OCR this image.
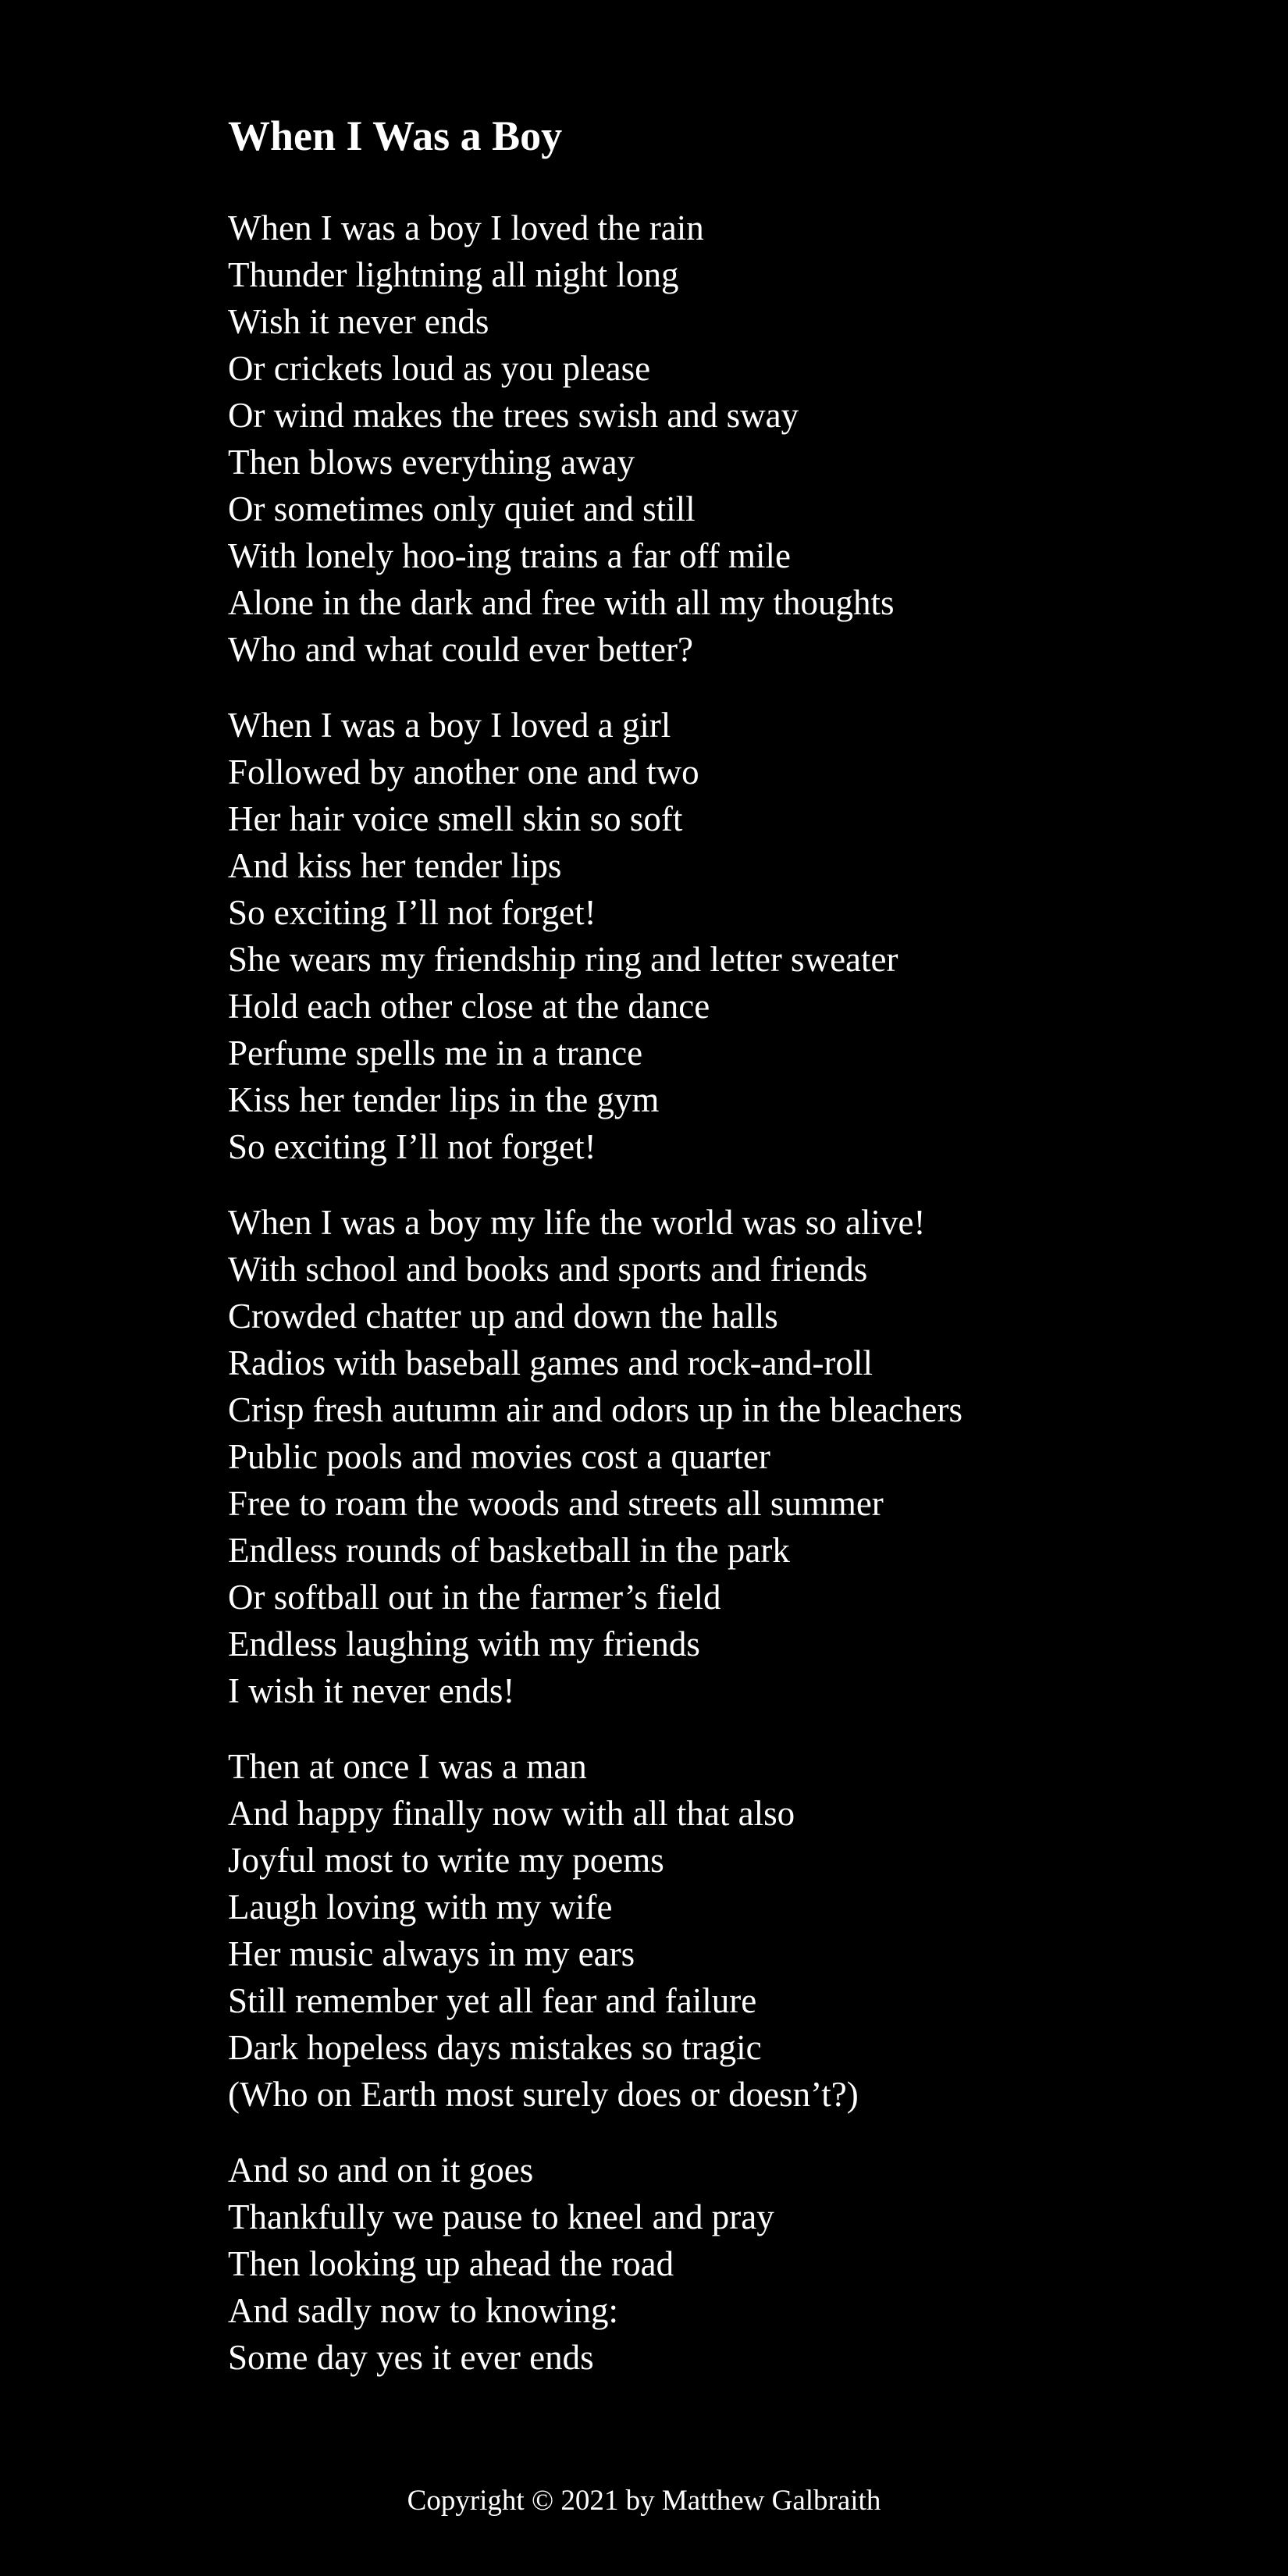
When I Was a Boy
When I was a boy I loved the rain
Thunder lightning all night long
Wish it never ends
Or crickets loud as you please
Or wind makes the trees swish and sway
Then blows everything away
Or sometimes only quiet and still
With lonely hoo-ing trains a far off mile
Alone in the dark and free with all my thoughts
Who and what could ever better?
When I was a boy I loved a girl
Followed by another one and two
Her hair voice smell skin so soft
And kiss her tender lips
So exciting I’ll not forget!
She wears my friendship ring and letter sweater
Hold each other close at the dance
Perfume spells me in a trance
Kiss her tender lips in the gym
So exciting I’ll not forget!
When I was a boy my life the world was so alive!
With school and books and sports and friends
Crowded chatter up and down the halls
Radios with baseball games and rock-and-roll
Crisp fresh autumn air and odors up in the bleachers
Public pools and movies cost a quarter
Free to roam the woods and streets all summer
Endless rounds of basketball in the park
Or softball out in the farmer’s field
Endless laughing with my friends
I wish it never ends!
Then at once I was a man
And happy finally now with all that also
Joyful most to write my poems
Laugh loving with my wife
Her music always in my ears
Still remember yet all fear and failure
Dark hopeless days mistakes so tragic
(Who on Earth most surely does or doesn’t?)
And so and on it goes
Thankfully we pause to kneel and pray
Then looking up ahead the road
And sadly now to knowing:
Some day yes it ever ends
Copyright © 2021 by Matthew Galbraith
